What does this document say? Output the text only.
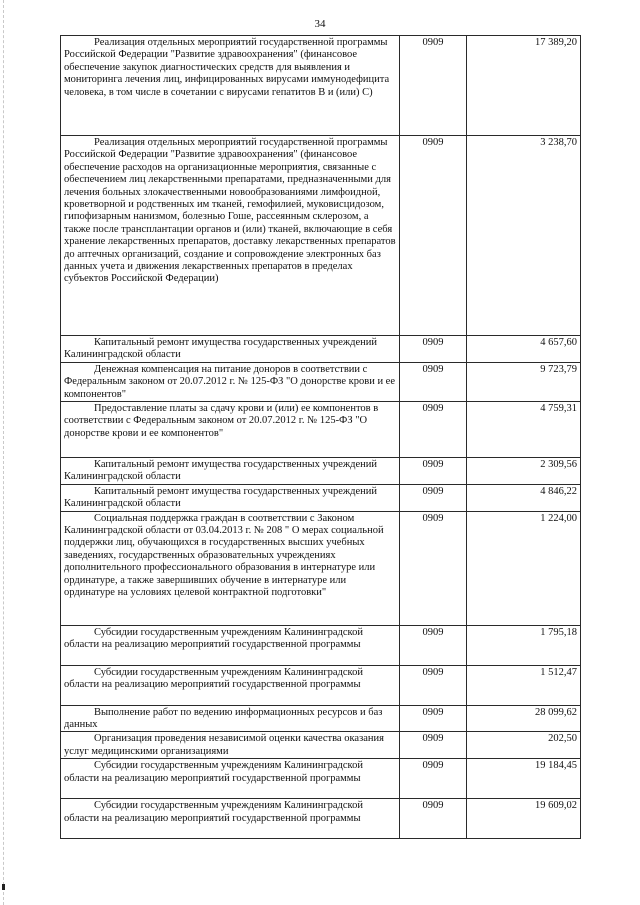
34
Реализация отдельных мероприятий государственной программы Российской Федерации "Развитие здравоохранения" (финансовое обеспечение закупок диагностических средств для выявления и мониторинга лечения лиц, инфицированных вирусами иммунодефицита человека, в том числе в сочетании с вирусами гепатитов B и (или) C)	0909	17 389,20

Реализация отдельных мероприятий государственной программы Российской Федерации "Развитие здравоохранения" (финансовое обеспечение расходов на организационные мероприятия, связанные с обеспечением лиц лекарственными препаратами, предназначенными для лечения больных злокачественными новообразованиями лимфоидной, кроветворной и родственных им тканей, гемофилией, муковисцидозом, гипофизарным нанизмом, болезнью Гоше, рассеянным склерозом, а также после трансплантации органов и (или) тканей, включающие в себя хранение лекарственных препаратов, доставку лекарственных препаратов до аптечных организаций, создание и сопровождение электронных баз данных учета и движения лекарственных препаратов в пределах субъектов Российской Федерации)	0909	3 238,70

Капитальный ремонт имущества государственных учреждений Калининградской области	0909	4 657,60

Денежная компенсация на питание доноров в соответствии с Федеральным законом от 20.07.2012 г. № 125-ФЗ "О донорстве крови и ее компонентов"	0909	9 723,79

Предоставление платы за сдачу крови и (или) ее компонентов в соответствии с Федеральным законом от 20.07.2012 г. № 125-ФЗ "О донорстве крови и ее компонентов"	0909	4 759,31

Капитальный ремонт имущества государственных учреждений Калининградской области	0909	2 309,56

Капитальный ремонт имущества государственных учреждений Калининградской области	0909	4 846,22

Социальная поддержка граждан в соответствии с Законом Калининградской области от 03.04.2013 г. № 208 " О мерах социальной поддержки лиц, обучающихся в государственных высших учебных заведениях, государственных образовательных учреждениях дополнительного профессионального образования в интернатуре или ординатуре, а также завершивших обучение в интернатуре или ординатуре на условиях целевой контрактной подготовки"	0909	1 224,00

Субсидии государственным учреждениям Калининградской области на реализацию мероприятий государственной программы	0909	1 795,18

Субсидии государственным учреждениям Калининградской области на реализацию мероприятий государственной программы	0909	1 512,47

Выполнение работ по ведению информационных ресурсов и баз данных	0909	28 099,62

Организация проведения независимой оценки качества оказания услуг медицинскими организациями	0909	202,50

Субсидии государственным учреждениям Калининградской области на реализацию мероприятий государственной программы	0909	19 184,45

Субсидии государственным учреждениям Калининградской области на реализацию мероприятий государственной программы	0909	19 609,02
